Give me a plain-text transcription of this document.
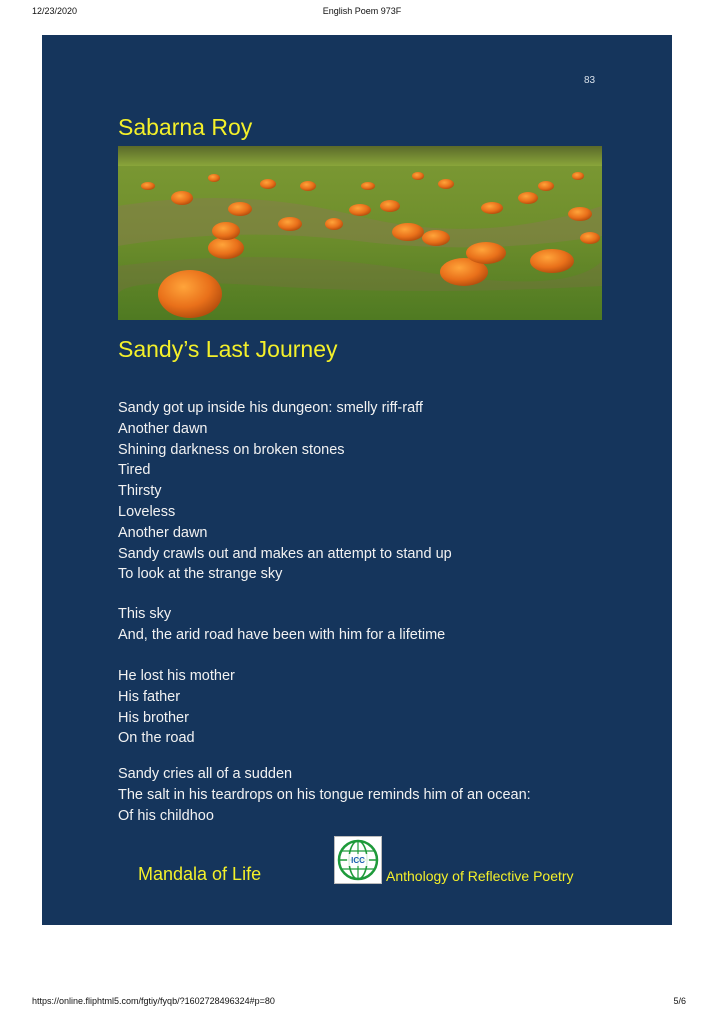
12/23/2020	English Poem 973F
83
Sabarna Roy
Sandy’s Last Journey
Sandy got up inside his dungeon: smelly riff-raff
Another dawn
Shining darkness on broken stones
Tired
Thirsty
Loveless
Another dawn
Sandy crawls out and makes an attempt to stand up
To look at the strange sky
This sky
And, the arid road have been with him for a lifetime
He lost his mother
His father
His brother
On the road
Sandy cries all of a sudden
The salt in his teardrops on his tongue reminds him of an ocean:
Of his childhoo
Mandala of Life
ICC
Anthology of Reflective Poetry
https://online.fliphtml5.com/fgtiy/fyqb/?1602728496324#p=80	5/6
